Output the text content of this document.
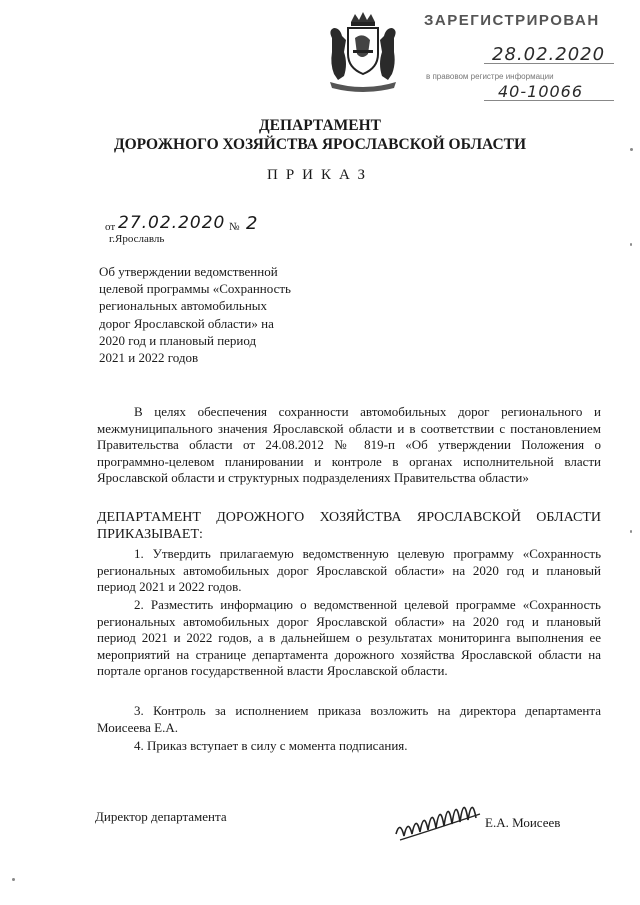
ЗАРЕГИСТРИРОВАН
28.02.2020
в правовом регистре информации
40-10066
ДЕПАРТАМЕНТ
ДОРОЖНОГО ХОЗЯЙСТВА ЯРОСЛАВСКОЙ ОБЛАСТИ
ПРИКАЗ
от 27.02.2020 № 2
г.Ярославль
Об утверждении ведомственной
целевой программы «Сохранность
региональных автомобильных
дорог Ярославской области» на
2020 год и плановый период
2021 и 2022 годов
В целях обеспечения сохранности автомобильных дорог регионального и межмуниципального значения Ярославской области и в соответствии с постановлением Правительства области от 24.08.2012 № 819-п «Об утверждении Положения о программно-целевом планировании и контроле в органах исполнительной власти Ярославской области и структурных подразделениях Правительства области»
ДЕПАРТАМЕНТ ДОРОЖНОГО ХОЗЯЙСТВА ЯРОСЛАВСКОЙ ОБЛАСТИ ПРИКАЗЫВАЕТ:
1. Утвердить прилагаемую ведомственную целевую программу «Сохранность региональных автомобильных дорог Ярославской области» на 2020 год и плановый период 2021 и 2022 годов.
2. Разместить информацию о ведомственной целевой программе «Сохранность региональных автомобильных дорог Ярославской области» на 2020 год и плановый период 2021 и 2022 годов, а в дальнейшем о результатах мониторинга выполнения ее мероприятий на странице департамента дорожного хозяйства Ярославской области на портале органов государственной власти Ярославской области.
3. Контроль за исполнением приказа возложить на директора департамента Моисеева Е.А.
4. Приказ вступает в силу с момента подписания.
Директор департамента	Е.А. Моисеев
